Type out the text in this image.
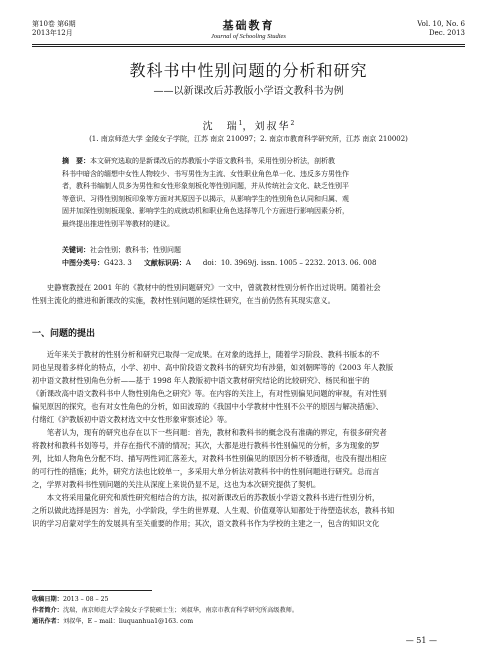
第10卷 第6期
2013年12月
基础教育
Journal of Schooling Studies
Vol. 10, No. 6
Dec. 2013
教科书中性别问题的分析和研究
——以新课改后苏教版小学语文教科书为例
沈　瑞$^1$，刘叔华$^2$
(1. 南京师范大学 金陵女子学院，江苏 南京 210097；2. 南京市教育科学研究所，江苏 南京 210002)
摘　要：本文研究选取的是新课改后的苏教版小学语文教科书，采用性别分析法，剖析教
科书中暗含的缅想中女性人物较少、书写男性为主流、女性职业角色单一化、违反多方男性作
者，教科书编制人员多为男性和女性形象刻板化等性别问题，并从传统社会文化、缺乏性别平
等意识、习得性别刻板印象等方面对其原因予以揭示，从影响学生的性别角色认同和归属、观
固并加深性别刻板现象、影响学生的成就动机和职业角色选择等几个方面进行影响因素分析，
最终提出推进性别平等教材的建议。
关键词：社会性别；教科书；性别问题
中图分类号：G423. 3 文献标识码：A doi：10. 3969/j. issn. 1005 – 2232. 2013. 06. 008
　　史静寰教授在 2001 年的《教材中的性别问题研究》一文中，曾就教材性别分析作出过说明。随着社会
性别主流化的推进和新课改的实施，教材性别问题的延续性研究，在当前仍然有其现实意义。
一、问题的提出
　　近年来关于教材的性别分析和研究已取得一定成果。在对象的选择上，随着学习阶段、教科书版本的不
同也呈现着多样化的特点，小学、初中、高中阶段语文教科书的研究均有涉猎，如刘朝晖等的《2003 年人教版
初中语文教材性别角色分析——基于 1998 年人教版初中语文教材研究结论的比较研究》、杨民和崔宇的
《新课改高中语文教科书中人物性别角色之研究》等。在内容的关注上，有对性别偏见问题的审视，有对性别
偏见原因的探究，也有对女性角色的分析，如田波琼的《我国中小学教材中性别不公平的原因与解决措施》、
付绪红《沪教版初中语文教材选文中女性形象审察述论》等。
　　笔者认为，现有的研究也存在以下一些问题：首先，教材和教科书的概念没有准确的界定，有很多研究者
将教材和教科书划等号，并存在指代不清的情况；其次，大都是进行教科书性别偏见的分析，多为现象的罗
列，比如人物角色分配不均、描写两性词汇落差大，对教科书性别偏见的原因分析不够透彻，也没有提出相应
的可行性的措施；此外，研究方法也比较单一，多采用大单分析法对教科书中的性别问题进行研究。总而言
之，学界对教科书性别问题的关注从深度上来说仍显不足，这也为本次研究提供了契机。
　　本文将采用量化研究和质性研究相结合的方法，拟对新课改后的苏教版小学语文教科书进行性别分析，
之所以做此选择是因为：首先，小学阶段，学生的世界观、人生观、价值观等认知都处于待塑造状态，教科书知
识的学习启蒙对学生的发展具有至关重要的作用；其次，语文教科书作为学校的主建之一，包含的知识文化
收稿日期：2013 – 08 – 25
作者简介：沈瑞，南京师范大学金陵女子学院硕士生；刘叔华，南京市教育科学研究所高级教师。
通讯作者：刘叔华，E – mail：liuquanhua1@163. com
— 51 —
